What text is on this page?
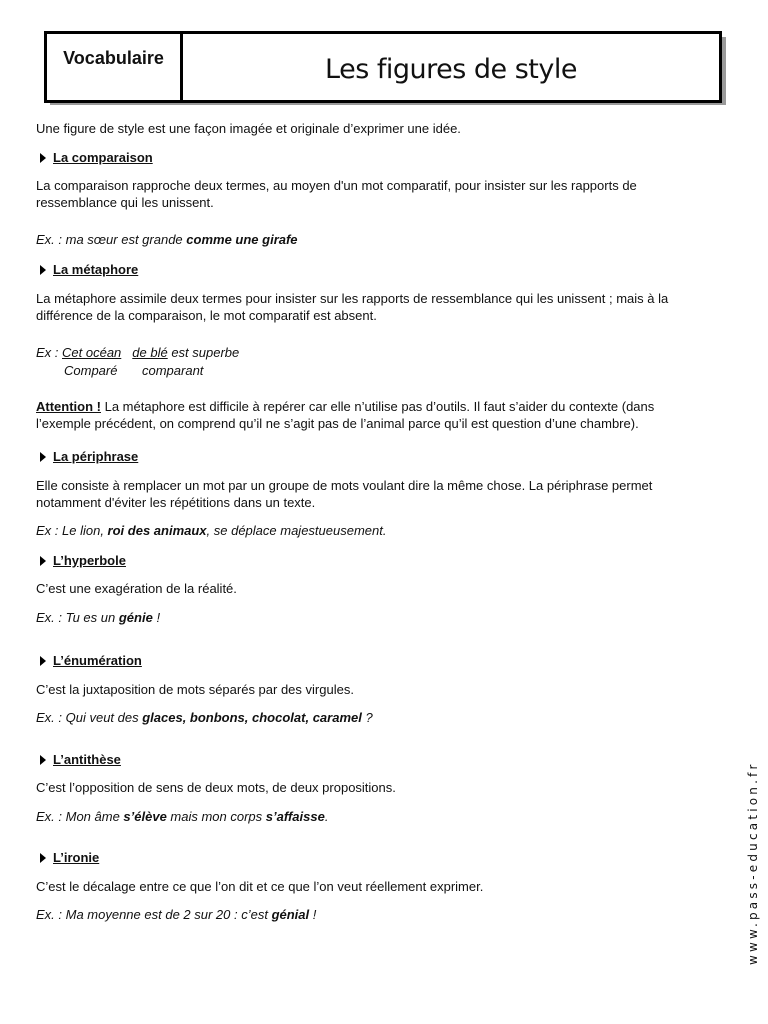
Vocabulaire	Les figures de style
Une figure de style est une façon imagée et originale d’exprimer une idée.
La comparaison
La comparaison rapproche deux termes, au moyen d'un mot comparatif, pour insister sur les rapports de
ressemblance qui les unissent.
Ex. : ma sœur est grande comme une girafe
La métaphore
La métaphore assimile deux termes pour insister sur les rapports de ressemblance qui les unissent ; mais à la
différence de la comparaison, le mot comparatif est absent.
Ex : Cet océan de blé est superbe
Comparé comparant
Attention ! La métaphore est difficile à repérer car elle n’utilise pas d’outils. Il faut s’aider du contexte (dans
l’exemple précédent, on comprend qu’il ne s’agit pas de l’animal parce qu’il est question d’une chambre).
La périphrase
Elle consiste à remplacer un mot par un groupe de mots voulant dire la même chose. La périphrase permet
notamment d'éviter les répétitions dans un texte.
Ex : Le lion, roi des animaux, se déplace majestueusement.
L’hyperbole
C’est une exagération de la réalité.
Ex. : Tu es un génie !
L’énumération
C’est la juxtaposition de mots séparés par des virgules.
Ex. : Qui veut des glaces, bonbons, chocolat, caramel ?
L’antithèse
C’est l’opposition de sens de deux mots, de deux propositions.
Ex. : Mon âme s’élève mais mon corps s’affaisse.
L’ironie
C’est le décalage entre ce que l’on dit et ce que l’on veut réellement exprimer.
Ex. : Ma moyenne est de 2 sur 20 : c’est génial !	www.pass-education.fr
